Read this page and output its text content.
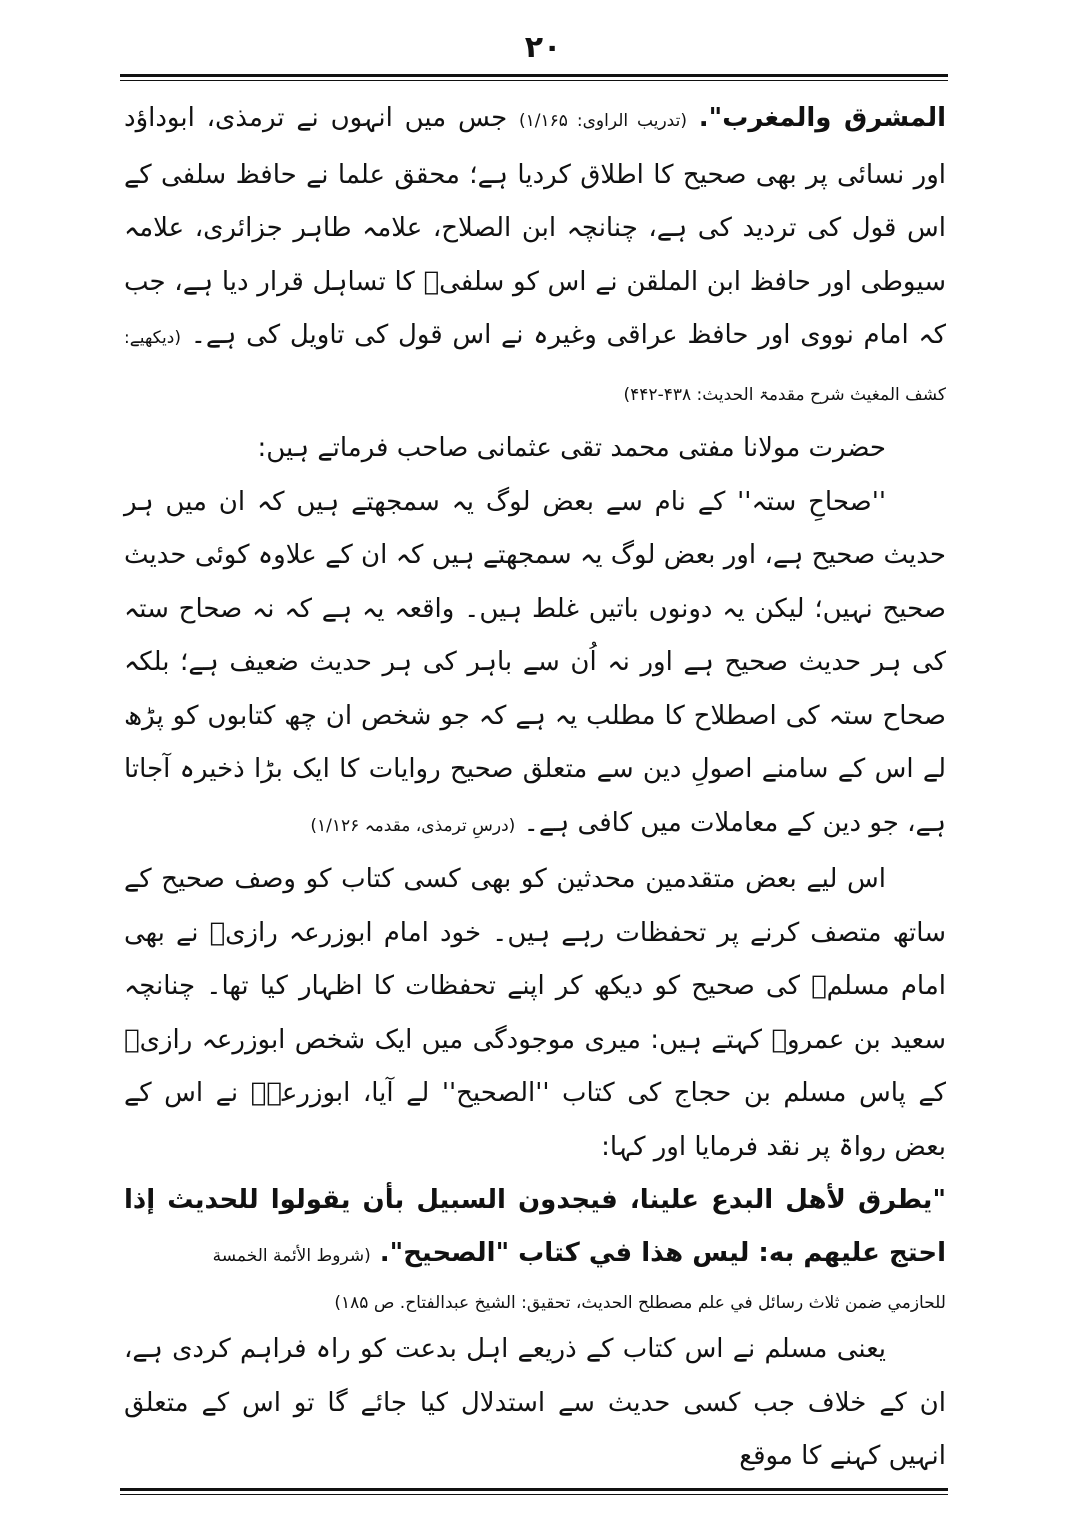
۲۰

المشرق والمغرب". (تدریب الراوی: ۱/۱۶۵) جس میں انہوں نے ترمذی، ابوداؤد اور نسائی پر بھی صحیح کا اطلاق کردیا ہے؛ محقق علما نے حافظ سلفی کے اس قول کی تردید کی ہے، چنانچہ ابن الصلاح، علامہ طاہر جزائری، علامہ سیوطی اور حافظ ابن الملقن نے اس کو سلفیؒ کا تساہل قرار دیا ہے، جب کہ امام نووی اور حافظ عراقی وغیرہ نے اس قول کی تاویل کی ہے۔ (دیکھیے: کشف المغیث شرح مقدمۃ الحدیث: ۴۳۸-۴۴۲)

حضرت مولانا مفتی محمد تقی عثمانی صاحب فرماتے ہیں:

''صحاحِ ستہ'' کے نام سے بعض لوگ یہ سمجھتے ہیں کہ ان میں ہر حدیث صحیح ہے، اور بعض لوگ یہ سمجھتے ہیں کہ ان کے علاوہ کوئی حدیث صحیح نہیں؛ لیکن یہ دونوں باتیں غلط ہیں۔ واقعہ یہ ہے کہ نہ صحاح ستہ کی ہر حدیث صحیح ہے اور نہ اُن سے باہر کی ہر حدیث ضعیف ہے؛ بلکہ صحاح ستہ کی اصطلاح کا مطلب یہ ہے کہ جو شخص ان چھ کتابوں کو پڑھ لے اس کے سامنے اصولِ دین سے متعلق صحیح روایات کا ایک بڑا ذخیرہ آجاتا ہے، جو دین کے معاملات میں کافی ہے۔ (درسِ ترمذی، مقدمہ ۱/۱۲۶)

اس لیے بعض متقدمین محدثین کو بھی کسی کتاب کو وصف صحیح کے ساتھ متصف کرنے پر تحفظات رہے ہیں۔ خود امام ابوزرعہ رازیؒ نے بھی امام مسلمؒ کی صحیح کو دیکھ کر اپنے تحفظات کا اظہار کیا تھا۔ چنانچہ سعید بن عمروؒ کہتے ہیں: میری موجودگی میں ایک شخص ابوزرعہ رازیؒ کے پاس مسلم بن حجاج کی کتاب ''الصحیح'' لے آیا، ابوزرعہؒ نے اس کے بعض رواۃ پر نقد فرمایا اور کہا:

"يطرق لأهل البدع علينا، فيجدون السبيل بأن يقولوا للحديث إذا احتج عليهم به: ليس هذا في كتاب "الصحيح". (شروط الأئمة الخمسة

للحازمي ضمن ثلاث رسائل في علم مصطلح الحديث، تحقيق: الشيخ عبدالفتاح. ص ۱۸۵)

یعنی مسلم نے اس کتاب کے ذریعے اہل بدعت کو راہ فراہم کردی ہے، ان کے خلاف جب کسی حدیث سے استدلال کیا جائے گا تو اس کے متعلق انہیں کہنے کا موقع
